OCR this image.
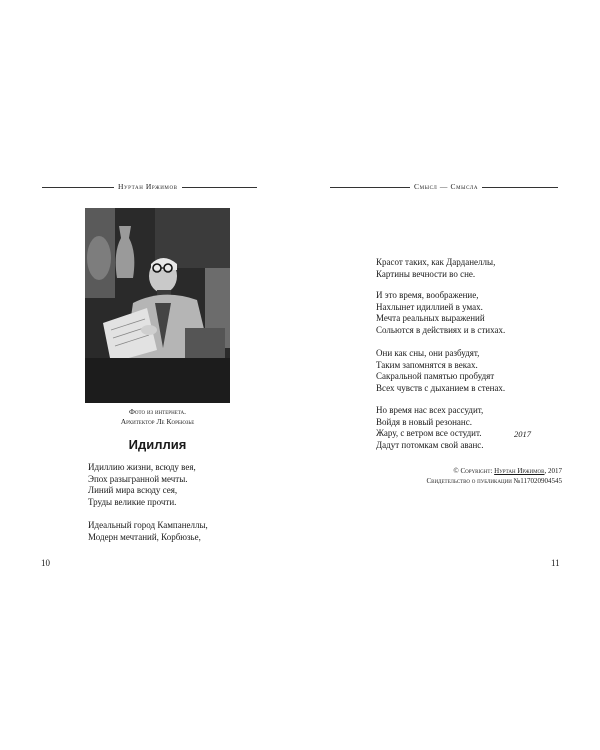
Нуртан Иржимов
Фото из интернета.
Архитектор Ле Корбюзье
Идиллия
Идиллию жизни, всюду вея,
Эпох разыгранной мечты.
Линий мира всюду сея,
Труды великие прочти.
Идеальный город Кампанеллы,
Модерн мечтаний, Корбюзье,
10
Смысл — Смысла
Красот таких, как Дарданеллы,
Картины вечности во сне.
И это время, воображение,
Нахлынет идиллией в умах.
Мечта реальных выражений
Сольются в действиях и в стихах.
Они как сны, они разбудят,
Таким запомнятся в веках.
Сакральной памятью пробудят
Всех чувств с дыханием в стенах.
Но время нас всех рассудит,
Войдя в новый резонанс.
Жару, с ветром все остудит.
Дадут потомкам свой аванс.
2017
© Copyright: Нуртан Иржимов, 2017
Свидетельство о публикации №117020904545
11
